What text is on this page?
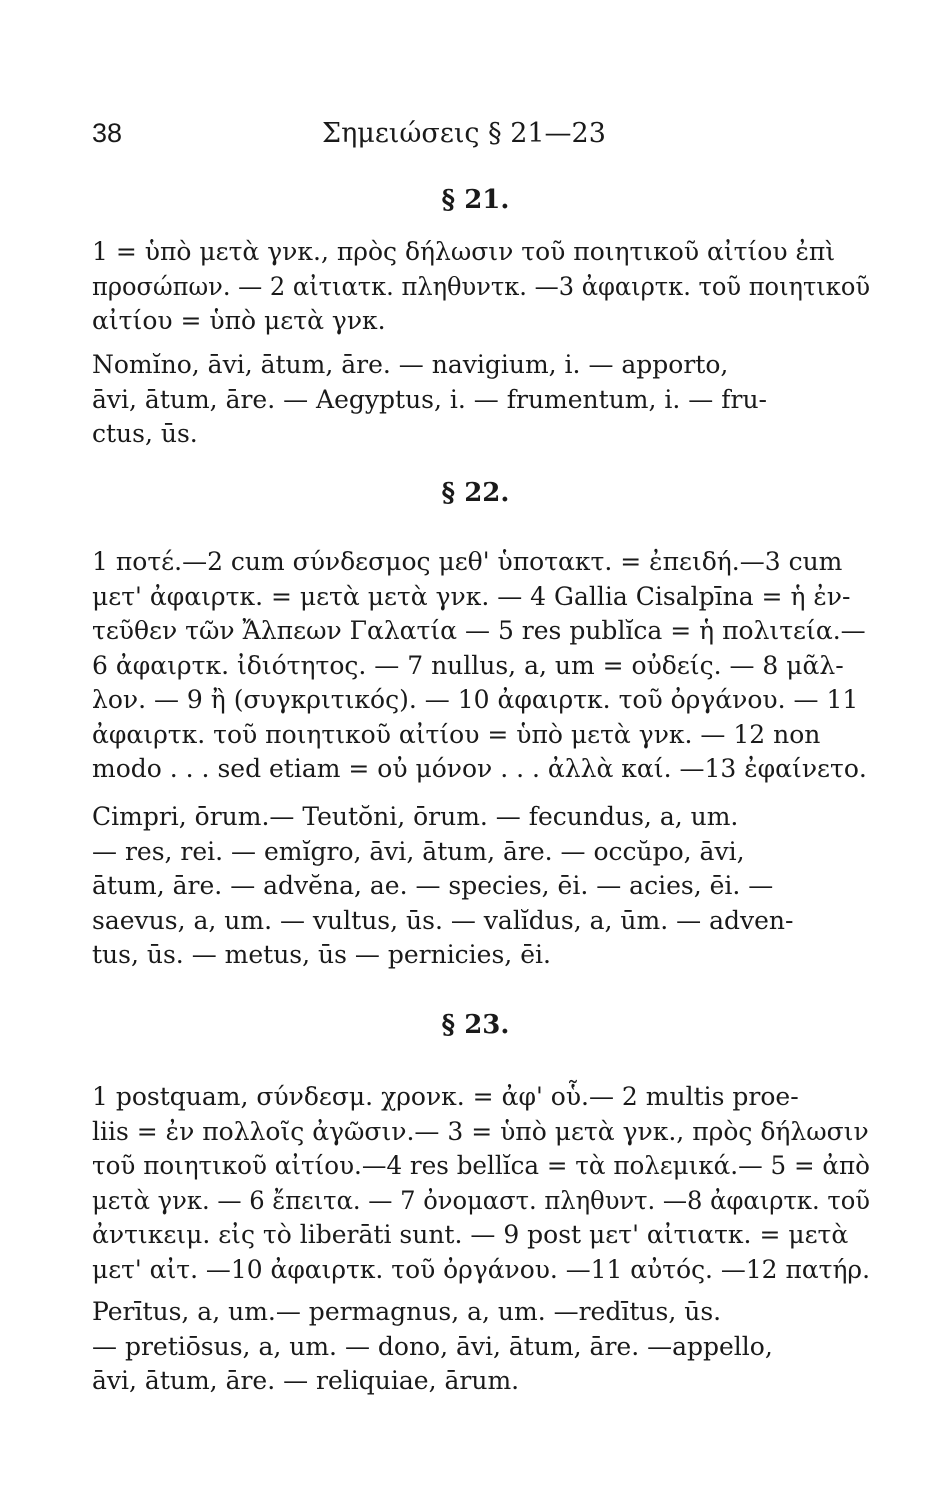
38	Σημειώσεις § 21—23
§ 21.
1 = ὑπὸ μετὰ γνκ., πρὸς δήλωσιν τοῦ ποιητικοῦ αἰτίου ἐπὶ
προσώπων. — 2 αἰτιατκ. πληθυντκ. —3 ἀφαιρτκ. τοῦ ποιητικοῦ
αἰτίου = ὑπὸ μετὰ γνκ.
Nomĭno, āvi, ātum, āre. — navigium, i. — apporto,
āvi, ātum, āre. — Aegyptus, i. — frumentum, i. — fru-
ctus, ūs.
§ 22.
1 ποτέ.—2 cum σύνδεσμος μεθ' ὑποτακτ. = ἐπειδή.—3 cum
μετ' ἀφαιρτκ. = μετὰ μετὰ γνκ. — 4 Gallia Cisalpīna = ἡ ἐν-
τεῦθεν τῶν Ἄλπεων Γαλατία — 5 res publĭca = ἡ πολιτεία.—
6 ἀφαιρτκ. ἰδιότητος. — 7 nullus, a, um = οὐδείς. — 8 μᾶλ-
λον. — 9 ἢ (συγκριτικός). — 10 ἀφαιρτκ. τοῦ ὀργάνου. — 11
ἀφαιρτκ. τοῦ ποιητικοῦ αἰτίου = ὑπὸ μετὰ γνκ. — 12 non
modo . . . sed etiam = οὐ μόνον . . . ἀλλὰ καί. —13 ἐφαίνετο.
Cimpri, ōrum.— Teutŏni, ōrum. — fecundus, a, um.
— res, rei. — emĭgro, āvi, ātum, āre. — occŭpo, āvi,
ātum, āre. — advĕna, ae. — species, ēi. — acies, ēi. —
saevus, a, um. — vultus, ūs. — valĭdus, a, ūm. — adven-
tus, ūs. — metus, ūs — pernicies, ēi.
§ 23.
1 postquam, σύνδεσμ. χρονκ. = ἀφ' οὗ.— 2 multis proe-
liis = ἐν πολλοῖς ἀγῶσιν.— 3 = ὑπὸ μετὰ γνκ., πρὸς δήλωσιν
τοῦ ποιητικοῦ αἰτίου.—4 res bellĭca = τὰ πολεμικά.— 5 = ἀπὸ
μετὰ γνκ. — 6 ἔπειτα. — 7 ὀνομαστ. πληθυντ. —8 ἀφαιρτκ. τοῦ
ἀντικειμ. εἰς τὸ liberāti sunt. — 9 post μετ' αἰτιατκ. = μετὰ
μετ' αἰτ. —10 ἀφαιρτκ. τοῦ ὀργάνου. —11 αὐτός. —12 πατήρ.
Perītus, a, um.— permagnus, a, um. —redītus, ūs.
— pretiōsus, a, um. — dono, āvi, ātum, āre. —appello,
āvi, ātum, āre. — reliquiae, ārum.
